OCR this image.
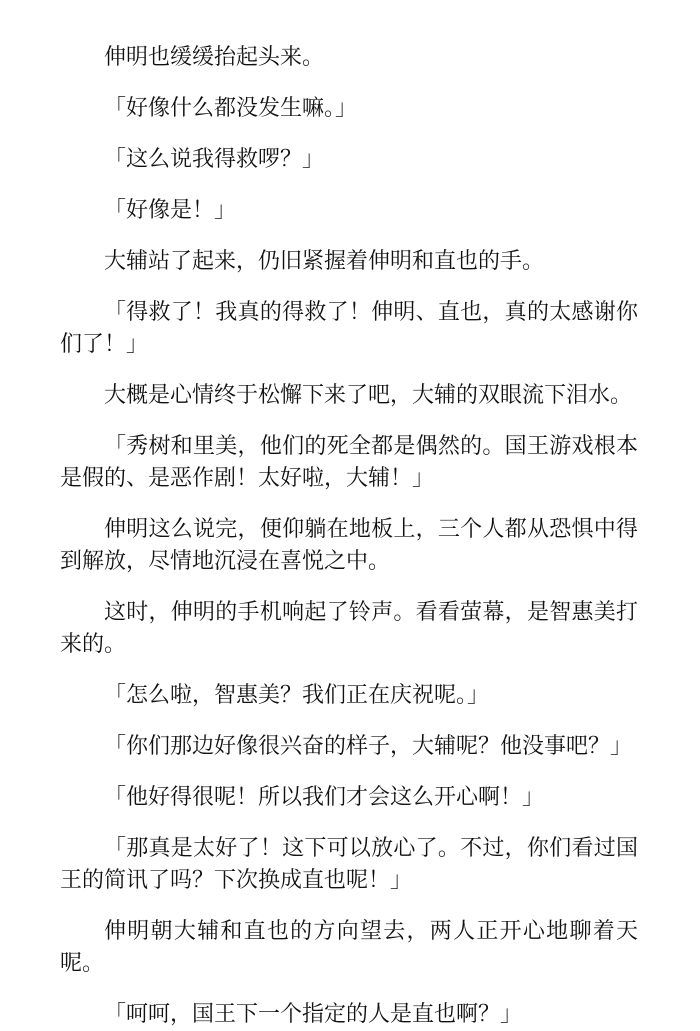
伸明也缓缓抬起头来。

「好像什么都没发生嘛。」

「这么说我得救啰？」

「好像是！」

大辅站了起来，仍旧紧握着伸明和直也的手。

「得救了！我真的得救了！伸明、直也，真的太感谢你们了！」

大概是心情终于松懈下来了吧，大辅的双眼流下泪水。

「秀树和里美，他们的死全都是偶然的。国王游戏根本是假的、是恶作剧！太好啦，大辅！」

伸明这么说完，便仰躺在地板上，三个人都从恐惧中得到解放，尽情地沉浸在喜悦之中。

这时，伸明的手机响起了铃声。看看萤幕，是智惠美打来的。

「怎么啦，智惠美？我们正在庆祝呢。」

「你们那边好像很兴奋的样子，大辅呢？他没事吧？」

「他好得很呢！所以我们才会这么开心啊！」

「那真是太好了！这下可以放心了。不过，你们看过国王的简讯了吗？下次换成直也呢！」

伸明朝大辅和直也的方向望去，两人正开心地聊着天呢。

「呵呵，国王下一个指定的人是直也啊？」
